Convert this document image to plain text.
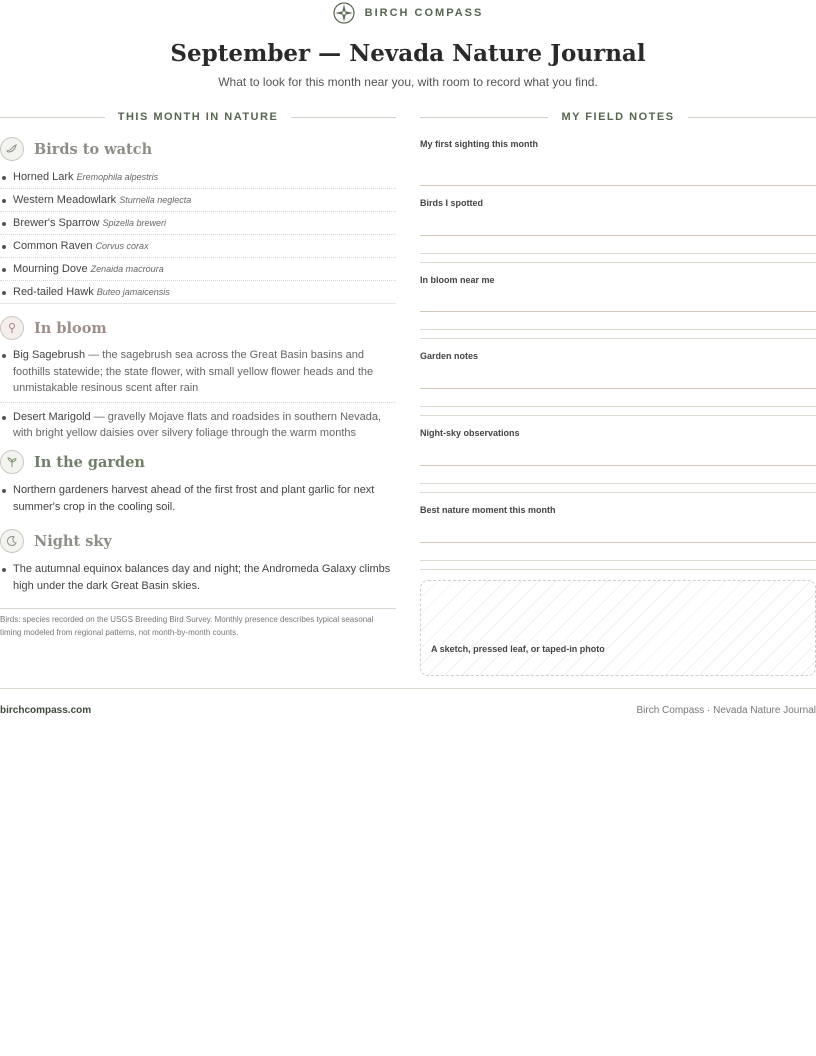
BIRCH COMPASS
September — Nevada Nature Journal
What to look for this month near you, with room to record what you find.
THIS MONTH IN NATURE	MY FIELD NOTES
Birds to watch
Horned Lark Eremophila alpestris
Western Meadowlark Sturnella neglecta
Brewer's Sparrow Spizella breweri
Common Raven Corvus corax
Mourning Dove Zenaida macroura
Red-tailed Hawk Buteo jamaicensis
In bloom
Big Sagebrush — the sagebrush sea across the Great Basin basins and foothills statewide; the state flower, with small yellow flower heads and the unmistakable resinous scent after rain
Desert Marigold — gravelly Mojave flats and roadsides in southern Nevada, with bright yellow daisies over silvery foliage through the warm months
In the garden
Northern gardeners harvest ahead of the first frost and plant garlic for next summer's crop in the cooling soil.
Night sky
The autumnal equinox balances day and night; the Andromeda Galaxy climbs high under the dark Great Basin skies.
Birds: species recorded on the USGS Breeding Bird Survey. Monthly presence describes typical seasonal timing modeled from regional patterns, not month-by-month counts.
My first sighting this month
Birds I spotted
In bloom near me
Garden notes
Night-sky observations
Best nature moment this month
A sketch, pressed leaf, or taped-in photo
birchcompass.com	Birch Compass · Nevada Nature Journal
